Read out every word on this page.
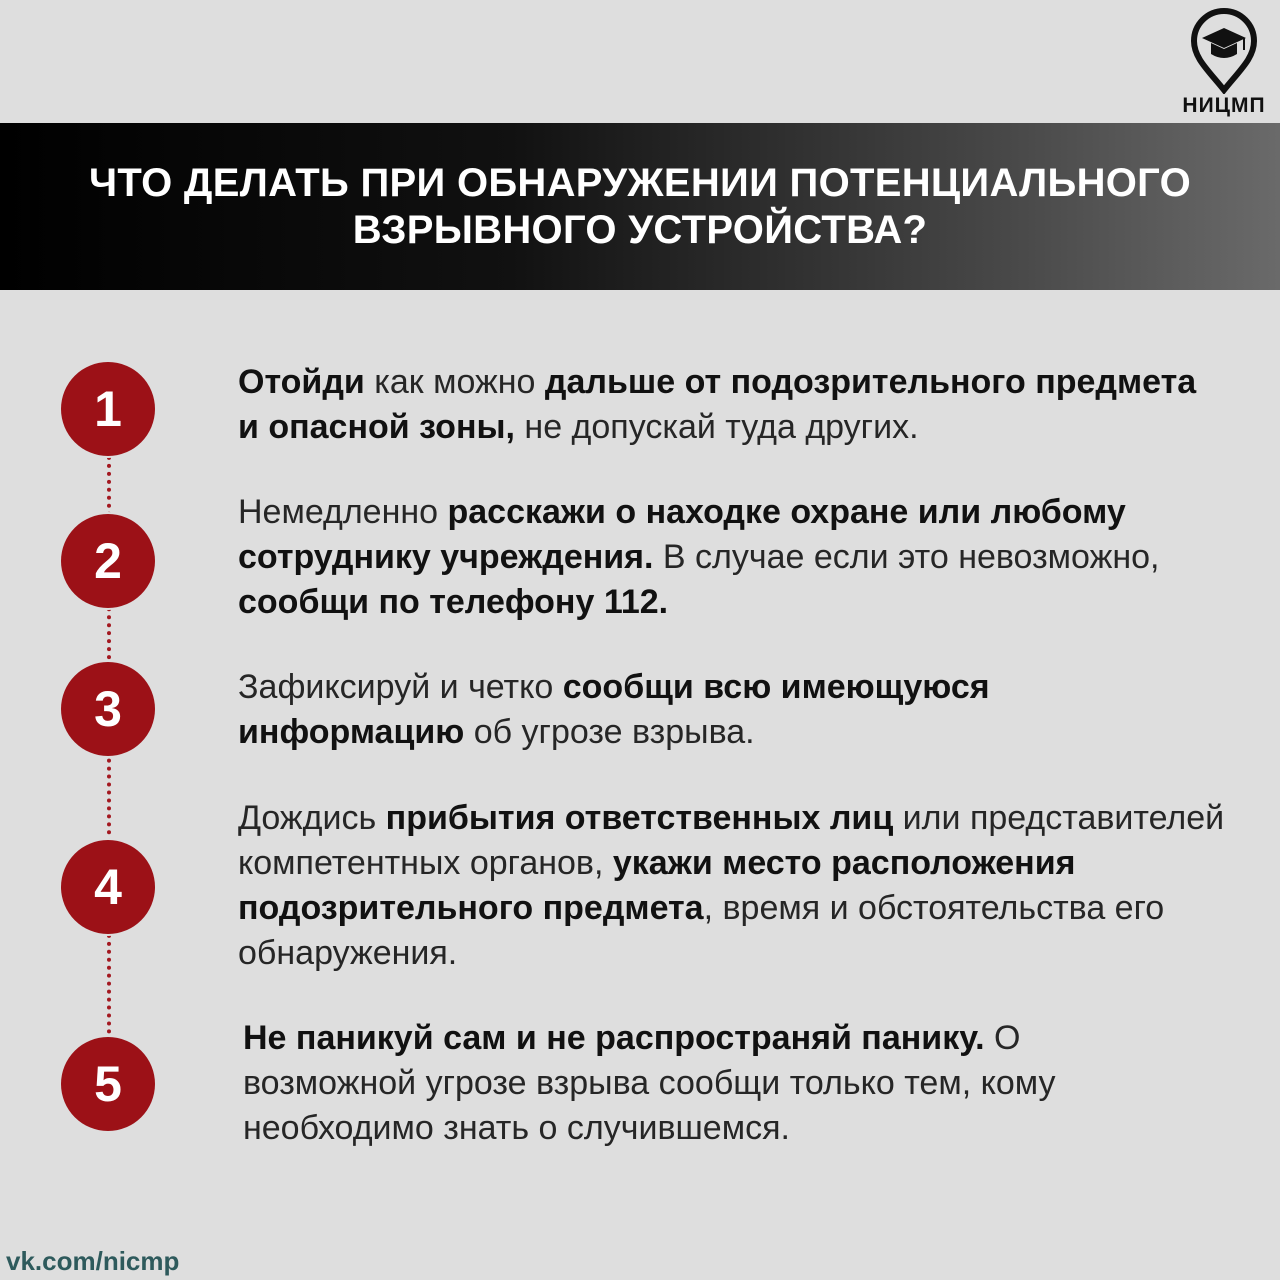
НИЦМП
ЧТО ДЕЛАТЬ ПРИ ОБНАРУЖЕНИИ ПОТЕНЦИАЛЬНОГО ВЗРЫВНОГО УСТРОЙСТВА?
1
2
3
4
5
Отойди как можно дальше от подозрительного предмета и опасной зоны, не допускай туда других.
Немедленно расскажи о находке охране или любому сотруднику учреждения. В случае если это невозможно, сообщи по телефону 112.
Зафиксируй и четко сообщи всю имеющуюся информацию об угрозе взрыва.
Дождись прибытия ответственных лиц или представителей компетентных органов, укажи место расположения подозрительного предмета, время и обстоятельства его обнаружения.
Не паникуй сам и не распространяй панику. О возможной угрозе взрыва сообщи только тем, кому необходимо знать о случившемся.
vk.com/nicmp
